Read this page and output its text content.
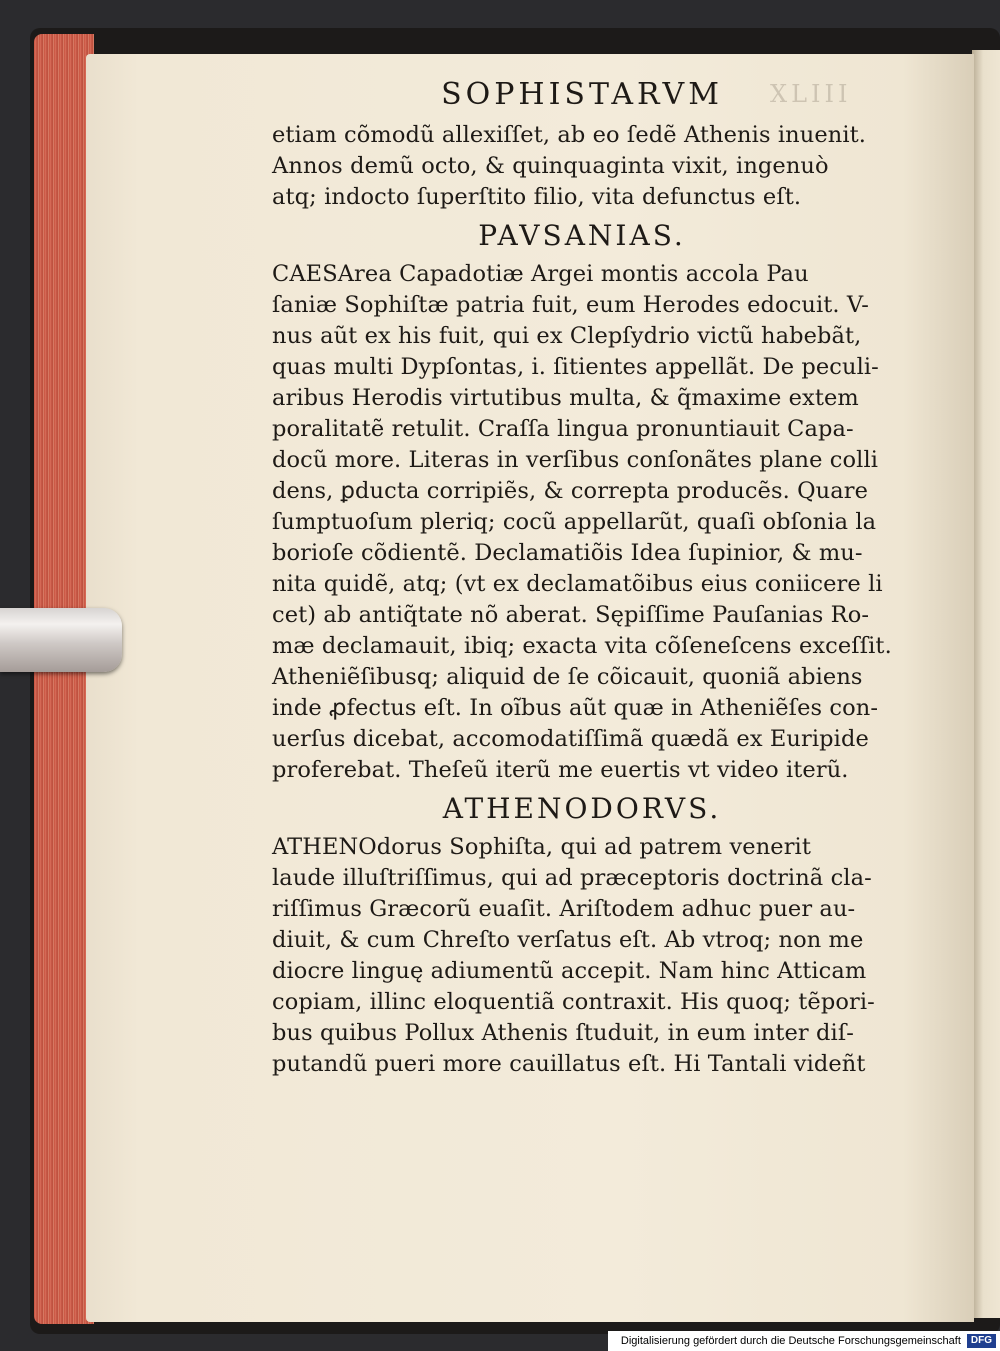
XLIII
SOPHISTARVM
etiam cõmodũ allexiſſet, ab eo ſedẽ Athenis inuenit.
Annos demũ octo, & quinquaginta vixit, ingenuò
atq; indocto ſuperſtito filio, vita defunctus eſt.
PAVSANIAS.
CAESArea Capadotiæ Argei montis accola Pau
ſaniæ Sophiſtæ patria fuit, eum Herodes edocuit. V-
nus aũt ex his fuit, qui ex Clepſydrio victũ habebãt,
quas multi Dypſontas, i. ſitientes appellãt. De peculi-
aribus Herodis virtutibus multa, & q̃maxime extem
poralitatẽ retulit. Craſſa lingua pronuntiauit Capa-
docũ more. Literas in verſibus conſonãtes plane colli
dens, ꝑducta corripiẽs, & correpta producẽs. Quare
ſumptuoſum pleriq; cocũ appellarũt, quaſi obſonia la
borioſe cõdientẽ. Declamatiõis Idea ſupinior, & mu-
nita quidẽ, atq; (vt ex declamatõibus eius coniicere li
cet) ab antiq̃tate nõ aberat. Sępiſſime Pauſanias Ro-
mæ declamauit, ibiq; exacta vita cõſeneſcens exceſſit.
Atheniẽſibusq; aliquid de ſe cõicauit, quoniã abiens
inde ꝓfectus eſt. In oĩbus aũt quæ in Atheniẽſes con-
uerſus dicebat, accomodatiſſimã quædã ex Euripide
proferebat. Theſeũ iterũ me euertis vt video iterũ.
ATHENODORVS.
ATHENOdorus Sophiſta, qui ad patrem venerit
laude illuſtriſſimus, qui ad præceptoris doctrinã cla-
riſſimus Græcorũ euaſit. Ariſtodem adhuc puer au-
diuit, & cum Chreſto verſatus eſt. Ab vtroq; non me
diocre linguę adiumentũ accepit. Nam hinc Atticam
copiam, illinc eloquentiã contraxit. His quoq; tẽpori-
bus quibus Pollux Athenis ſtuduit, in eum inter diſ-
putandũ pueri more cauillatus eſt. Hi Tantali videñt
Digitalisierung gefördert durch die Deutsche Forschungsgemeinschaft	DFG
